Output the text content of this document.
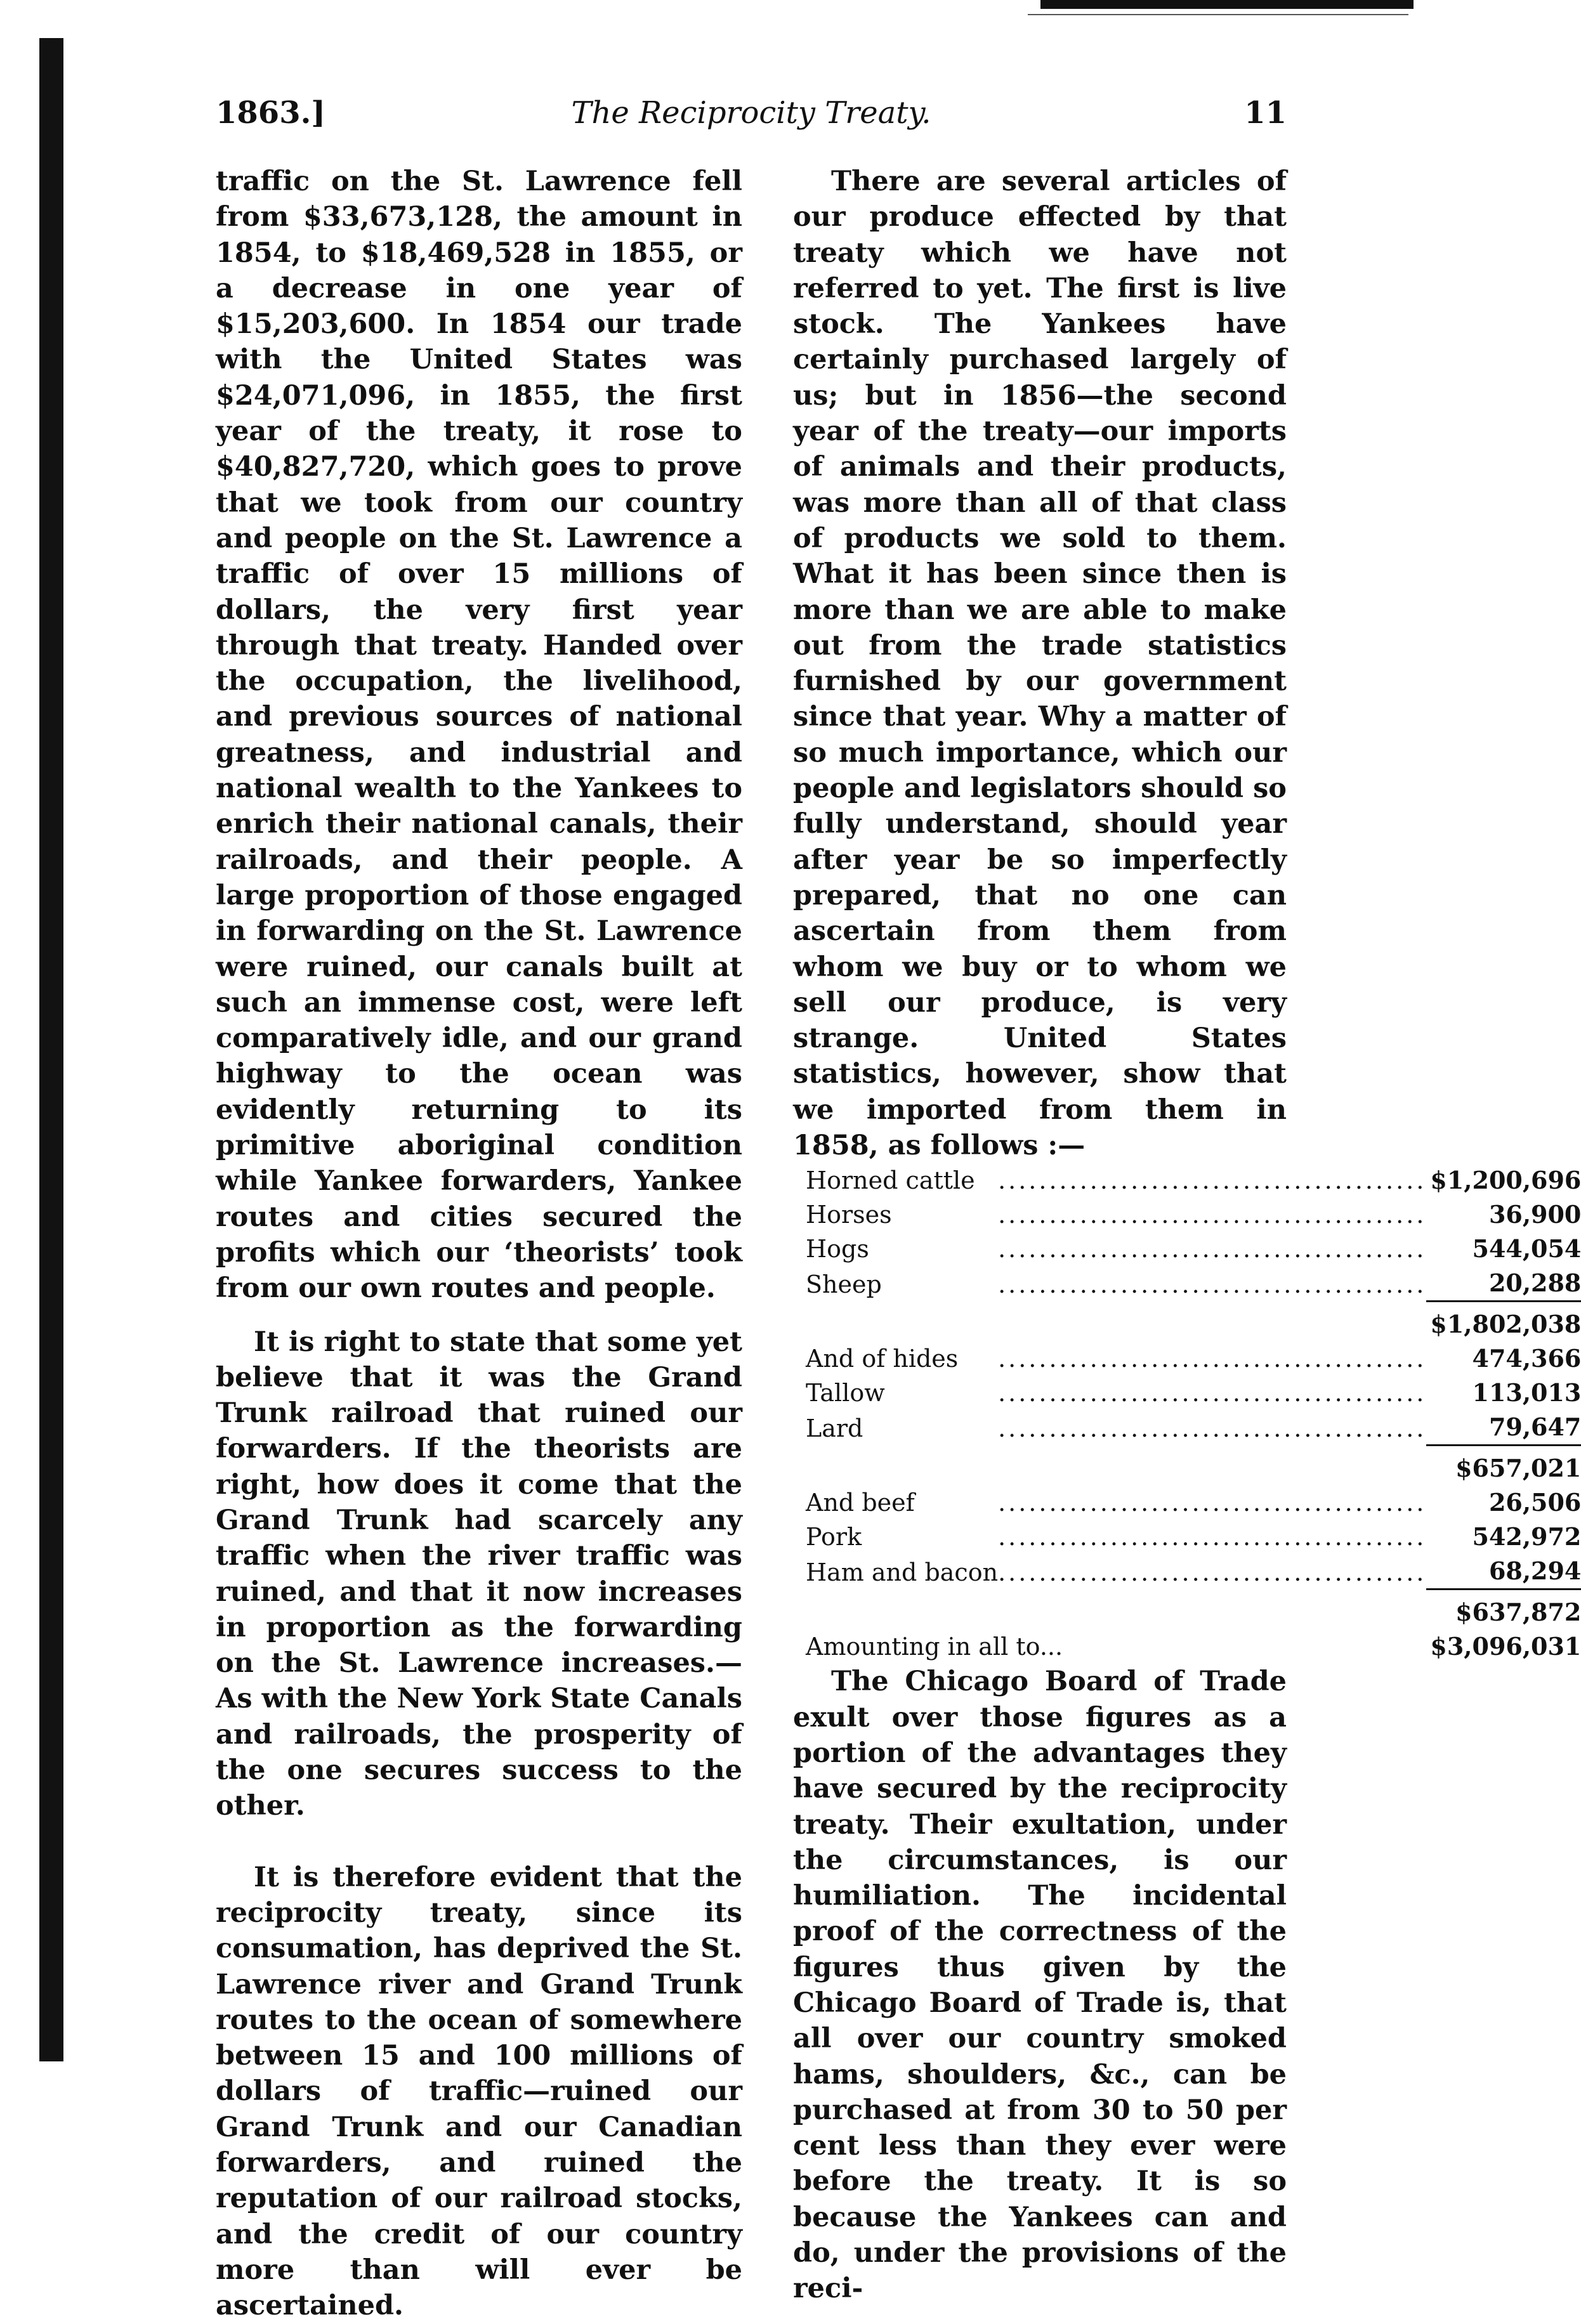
1863.]	The Reciprocity Treaty.	11

traffic on the St. Lawrence fell from $33,673,128, the amount in 1854, to $18,469,528 in 1855, or a decrease in one year of $15,203,600. In 1854 our trade with the United States was $24,071,096, in 1855, the first year of the treaty, it rose to $40,827,720, which goes to prove that we took from our country and people on the St. Lawrence a traffic of over 15 millions of dollars, the very first year through that treaty. Handed over the occupation, the livelihood, and previous sources of national greatness, and industrial and national wealth to the Yankees to enrich their national canals, their railroads, and their people. A large proportion of those engaged in forwarding on the St. Lawrence were ruined, our canals built at such an immense cost, were left comparatively idle, and our grand highway to the ocean was evidently returning to its primitive aboriginal condition while Yankee forwarders, Yankee routes and cities secured the profits which our ‘theorists’ took from our own routes and people.

It is right to state that some yet believe that it was the Grand Trunk railroad that ruined our forwarders. If the theorists are right, how does it come that the Grand Trunk had scarcely any traffic when the river traffic was ruined, and that it now increases in proportion as the forwarding on the St. Lawrence increases.— As with the New York State Canals and railroads, the prosperity of the one secures success to the other.

It is therefore evident that the reciprocity treaty, since its consumation, has deprived the St. Lawrence river and Grand Trunk routes to the ocean of somewhere between 15 and 100 millions of dollars of traffic—ruined our Grand Trunk and our Canadian forwarders, and ruined the reputation of our railroad stocks, and the credit of our country more than will ever be ascertained.

There are several articles of our produce effected by that treaty which we have not referred to yet. The first is live stock. The Yankees have certainly purchased largely of us; but in 1856—the second year of the treaty—our imports of animals and their products, was more than all of that class of products we sold to them. What it has been since then is more than we are able to make out from the trade statistics furnished by our government since that year. Why a matter of so much importance, which our people and legislators should so fully understand, should year after year be so imperfectly prepared, that no one can ascertain from them from whom we buy or to whom we sell our produce, is very strange. United States statistics, however, show that we imported from them in 1858, as follows :—

Horned cattle	..........................................	$1,200,696
Horses	..........................................	36,900
Hogs	..........................................	544,054
Sheep	..........................................	20,288
		$1,802,038
And of hides	..........................................	474,366
Tallow	..........................................	113,013
Lard	..........................................	79,647
		$657,021
And beef	..........................................	26,506
Pork	..........................................	542,972
Ham and bacon	..........................................	68,294
		$637,872
Amounting in all to...		$3,096,031

The Chicago Board of Trade exult over those figures as a portion of the advantages they have secured by the reciprocity treaty. Their exultation, under the circumstances, is our humiliation. The incidental proof of the correctness of the figures thus given by the Chicago Board of Trade is, that all over our country smoked hams, shoulders, &c., can be purchased at from 30 to 50 per cent less than they ever were before the treaty. It is so because the Yankees can and do, under the provisions of the reci-
